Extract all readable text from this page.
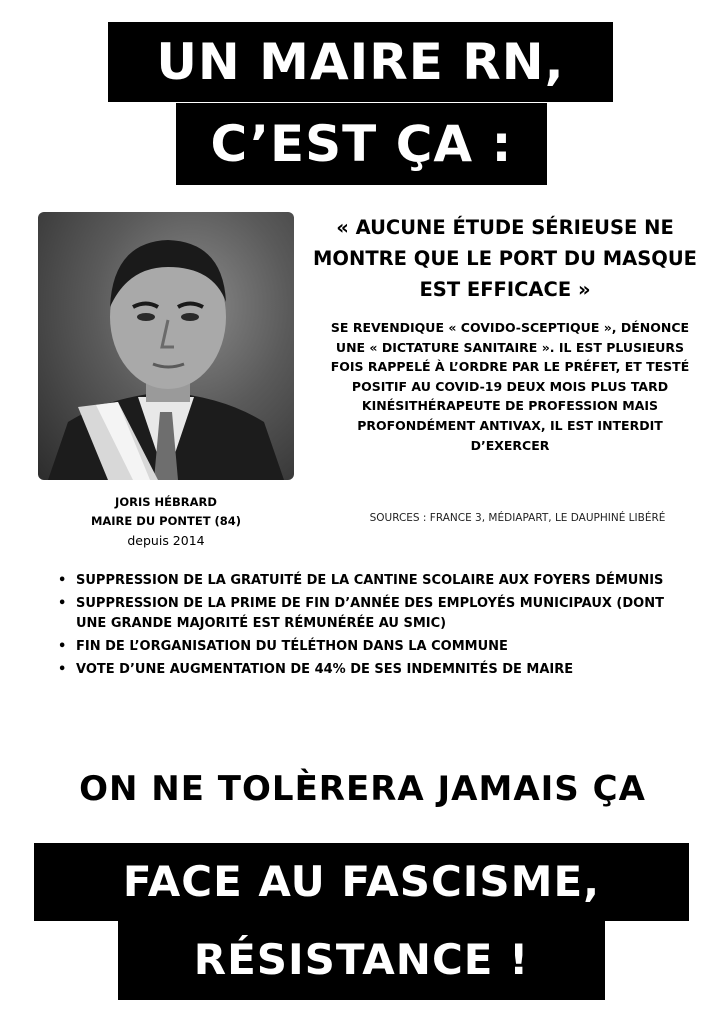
UN MAIRE RN,
C’EST ÇA :
JORIS HÉBRARD
MAIRE DU PONTET (84)
depuis 2014
« AUCUNE ÉTUDE SÉRIEUSE NE MONTRE QUE LE PORT DU MASQUE EST EFFICACE »

SE REVENDIQUE « COVIDO-SCEPTIQUE », DÉNONCE UNE « DICTATURE SANITAIRE ». IL EST PLUSIEURS FOIS RAPPELÉ À L’ORDRE PAR LE PRÉFET, ET TESTÉ POSITIF AU COVID-19 DEUX MOIS PLUS TARD

KINÉSITHÉRAPEUTE DE PROFESSION MAIS PROFONDÉMENT ANTIVAX, IL EST INTERDIT D’EXERCER

SOURCES : FRANCE 3, MÉDIAPART, LE DAUPHINÉ LIBÉRÉ
• SUPPRESSION DE LA GRATUITÉ DE LA CANTINE SCOLAIRE AUX FOYERS DÉMUNIS
• SUPPRESSION DE LA PRIME DE FIN D’ANNÉE DES EMPLOYÉS MUNICIPAUX (DONT UNE GRANDE MAJORITÉ EST RÉMUNÉRÉE AU SMIC)
• FIN DE L’ORGANISATION DU TÉLÉTHON DANS LA COMMUNE
• VOTE D’UNE AUGMENTATION DE 44% DE SES INDEMNITÉS DE MAIRE
ON NE TOLÈRERA JAMAIS ÇA
FACE AU FASCISME,
RÉSISTANCE !
